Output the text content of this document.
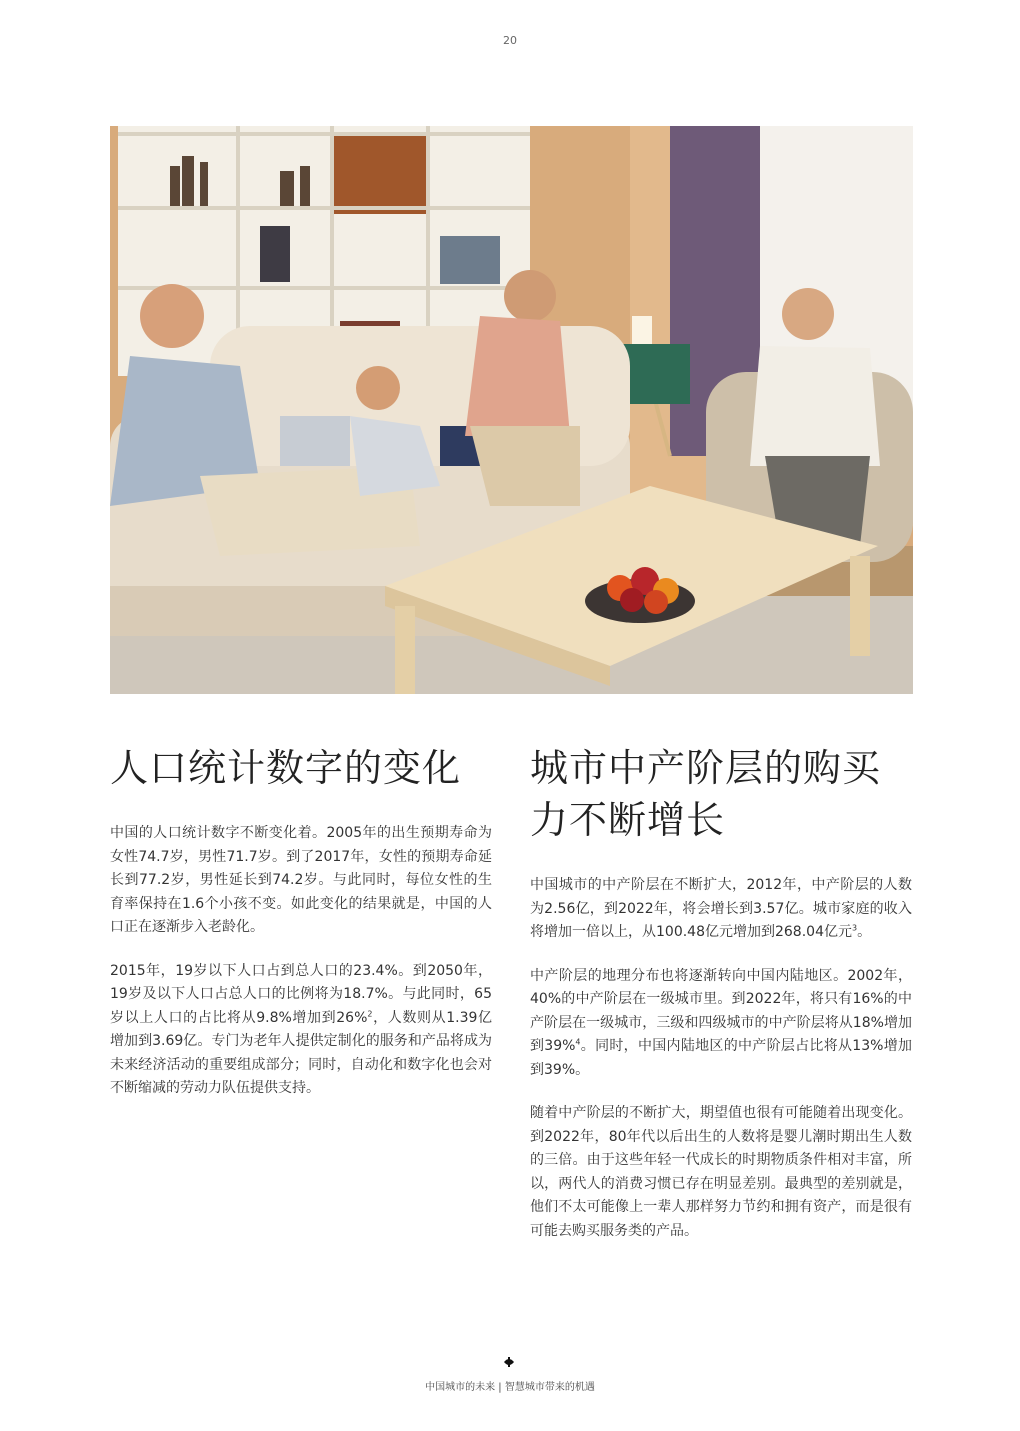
20
人口统计数字的变化

中国的人口统计数字不断变化着。2005年的出生预期寿命为女性74.7岁，男性71.7岁。到了2017年，女性的预期寿命延长到77.2岁，男性延长到74.2岁。与此同时，每位女性的生育率保持在1.6个小孩不变。如此变化的结果就是，中国的人口正在逐渐步入老龄化。

2015年，19岁以下人口占到总人口的23.4%。到2050年，19岁及以下人口占总人口的比例将为18.7%。与此同时，65岁以上人口的占比将从9.8%增加到26%$^2$，人数则从1.39亿增加到3.69亿。专门为老年人提供定制化的服务和产品将成为未来经济活动的重要组成部分；同时，自动化和数字化也会对不断缩减的劳动力队伍提供支持。

城市中产阶层的购买力不断增长

中国城市的中产阶层在不断扩大，2012年，中产阶层的人数为2.56亿，到2022年，将会增长到3.57亿。城市家庭的收入将增加一倍以上，从100.48亿元增加到268.04亿元$^3$。

中产阶层的地理分布也将逐渐转向中国内陆地区。2002年，40%的中产阶层在一级城市里。到2022年，将只有16%的中产阶层在一级城市，三级和四级城市的中产阶层将从18%增加到39%$^4$。同时，中国内陆地区的中产阶层占比将从13%增加到39%。

随着中产阶层的不断扩大，期望值也很有可能随着出现变化。到2022年，80年代以后出生的人数将是婴儿潮时期出生人数的三倍。由于这些年轻一代成长的时期物质条件相对丰富，所以，两代人的消费习惯已存在明显差别。最典型的差别就是，他们不太可能像上一辈人那样努力节约和拥有资产，而是很有可能去购买服务类的产品。

中国城市的未来 | 智慧城市带来的机遇
